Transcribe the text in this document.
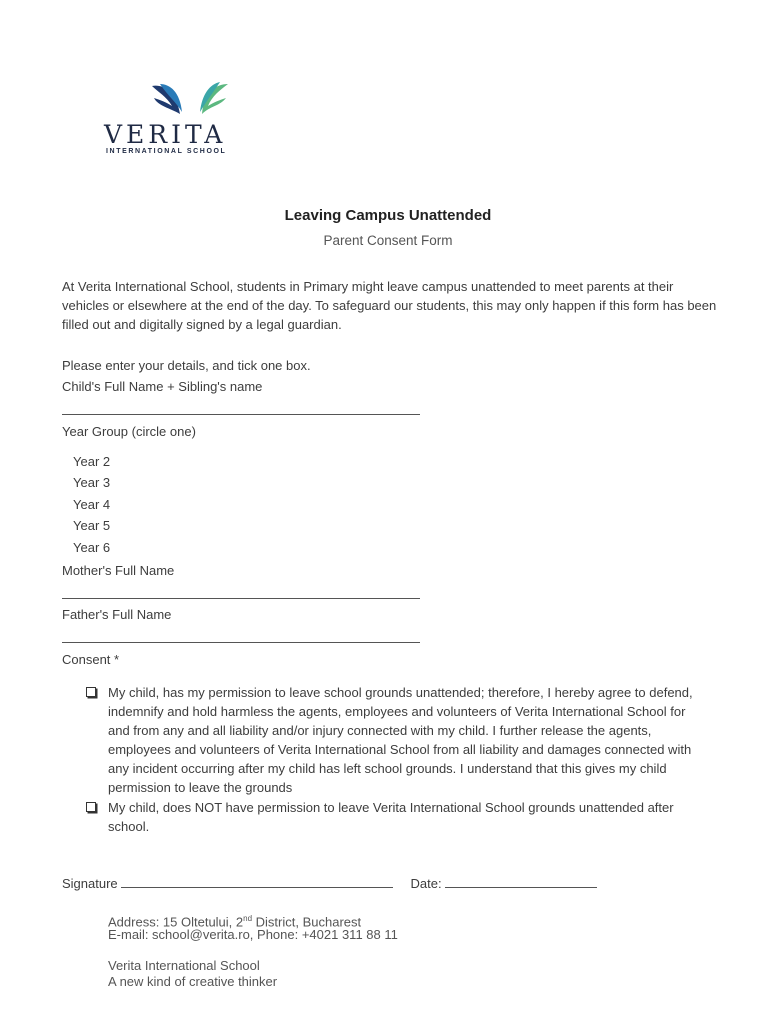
VERITA
INTERNATIONAL SCHOOL
Leaving Campus Unattended
Parent Consent Form
At Verita International School, students in Primary might leave campus unattended to meet parents at their vehicles or elsewhere at the end of the day. To safeguard our students, this may only happen if this form has been filled out and digitally signed by a legal guardian.
Please enter your details, and tick one box.
Child's Full Name + Sibling's name
Year Group (circle one)
Year 2
Year 3
Year 4
Year 5
Year 6
Mother's Full Name
Father's Full Name
Consent *
My child, has my permission to leave school grounds unattended; therefore, I hereby agree to defend, indemnify and hold harmless the agents, employees and volunteers of Verita International School for and from any and all liability and/or injury connected with my child. I further release the agents, employees and volunteers of Verita International School from all liability and damages connected with any incident occurring after my child has left school grounds. I understand that this gives my child permission to leave the grounds
My child, does NOT have permission to leave Verita International School grounds unattended after school.
Signature	Date:
Address: 15 Oltetului, 2nd District, Bucharest
E-mail: school@verita.ro, Phone: +4021 311 88 11
Verita International School
A new kind of creative thinker
